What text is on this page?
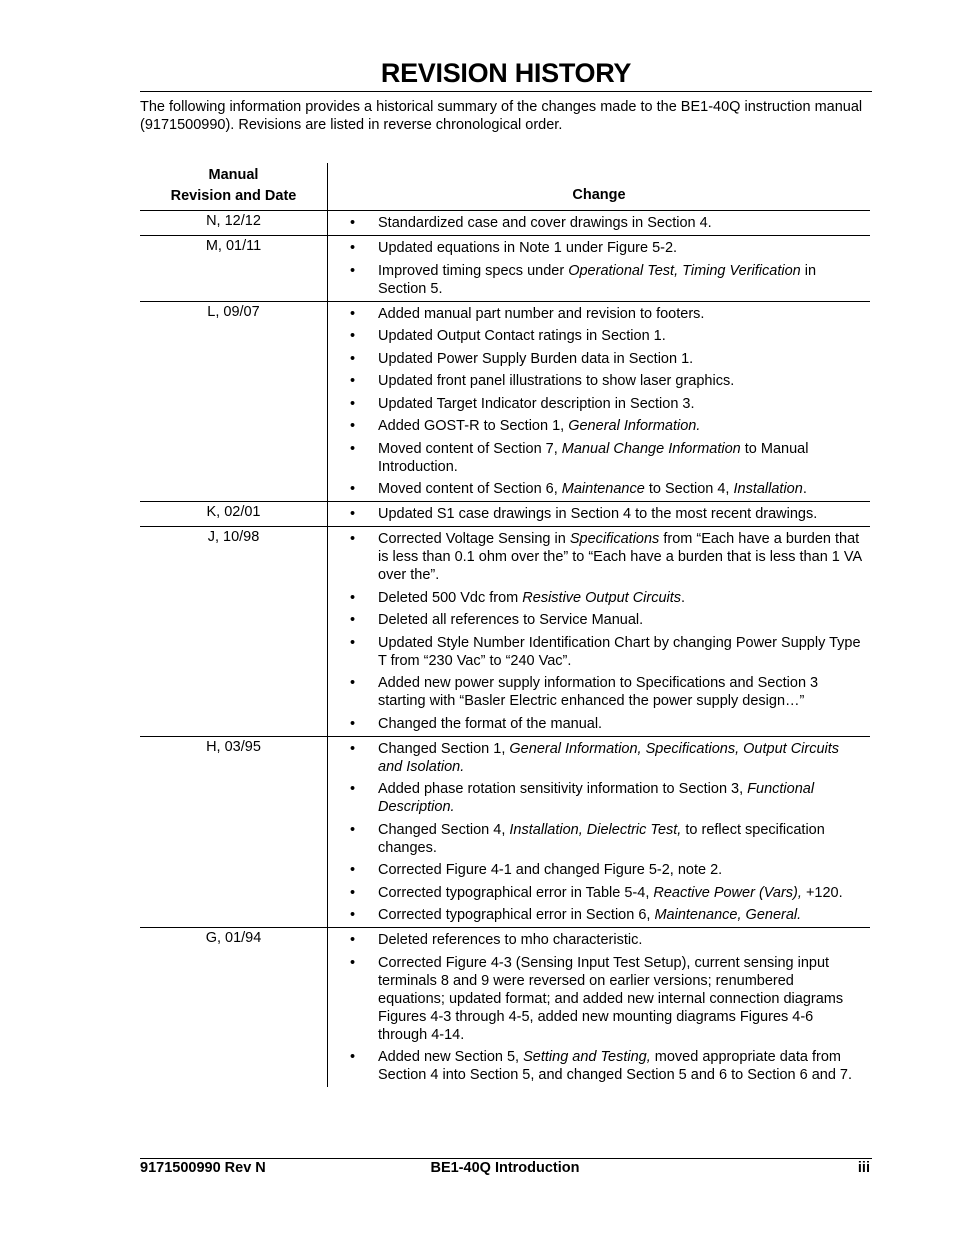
REVISION HISTORY
The following information provides a historical summary of the changes made to the BE1-40Q instruction manual (9171500990). Revisions are listed in reverse chronological order.
Manual
Revision and Date	Change
N, 12/12	• Standardized case and cover drawings in Section 4.
M, 01/11	• Updated equations in Note 1 under Figure 5-2.
• Improved timing specs under Operational Test, Timing Verification in Section 5.
L, 09/07	• Added manual part number and revision to footers.
• Updated Output Contact ratings in Section 1.
• Updated Power Supply Burden data in Section 1.
• Updated front panel illustrations to show laser graphics.
• Updated Target Indicator description in Section 3.
• Added GOST-R to Section 1, General Information.
• Moved content of Section 7, Manual Change Information to Manual Introduction.
• Moved content of Section 6, Maintenance to Section 4, Installation.
K, 02/01	• Updated S1 case drawings in Section 4 to the most recent drawings.
J, 10/98	• Corrected Voltage Sensing in Specifications from “Each have a burden that is less than 0.1 ohm over the” to “Each have a burden that is less than 1 VA over the”.
• Deleted 500 Vdc from Resistive Output Circuits.
• Deleted all references to Service Manual.
• Updated Style Number Identification Chart by changing Power Supply Type T from “230 Vac” to “240 Vac”.
• Added new power supply information to Specifications and Section 3 starting with “Basler Electric enhanced the power supply design…”
• Changed the format of the manual.
H, 03/95	• Changed Section 1, General Information, Specifications, Output Circuits and Isolation.
• Added phase rotation sensitivity information to Section 3, Functional Description.
• Changed Section 4, Installation, Dielectric Test, to reflect specification changes.
• Corrected Figure 4-1 and changed Figure 5-2, note 2.
• Corrected typographical error in Table 5-4, Reactive Power (Vars), +120.
• Corrected typographical error in Section 6, Maintenance, General.
G, 01/94	• Deleted references to mho characteristic.
• Corrected Figure 4-3 (Sensing Input Test Setup), current sensing input terminals 8 and 9 were reversed on earlier versions; renumbered equations; updated format; and added new internal connection diagrams Figures 4-3 through 4-5, added new mounting diagrams Figures 4-6 through 4-14.
• Added new Section 5, Setting and Testing, moved appropriate data from Section 4 into Section 5, and changed Section 5 and 6 to Section 6 and 7.
9171500990 Rev N	BE1-40Q Introduction	iii
